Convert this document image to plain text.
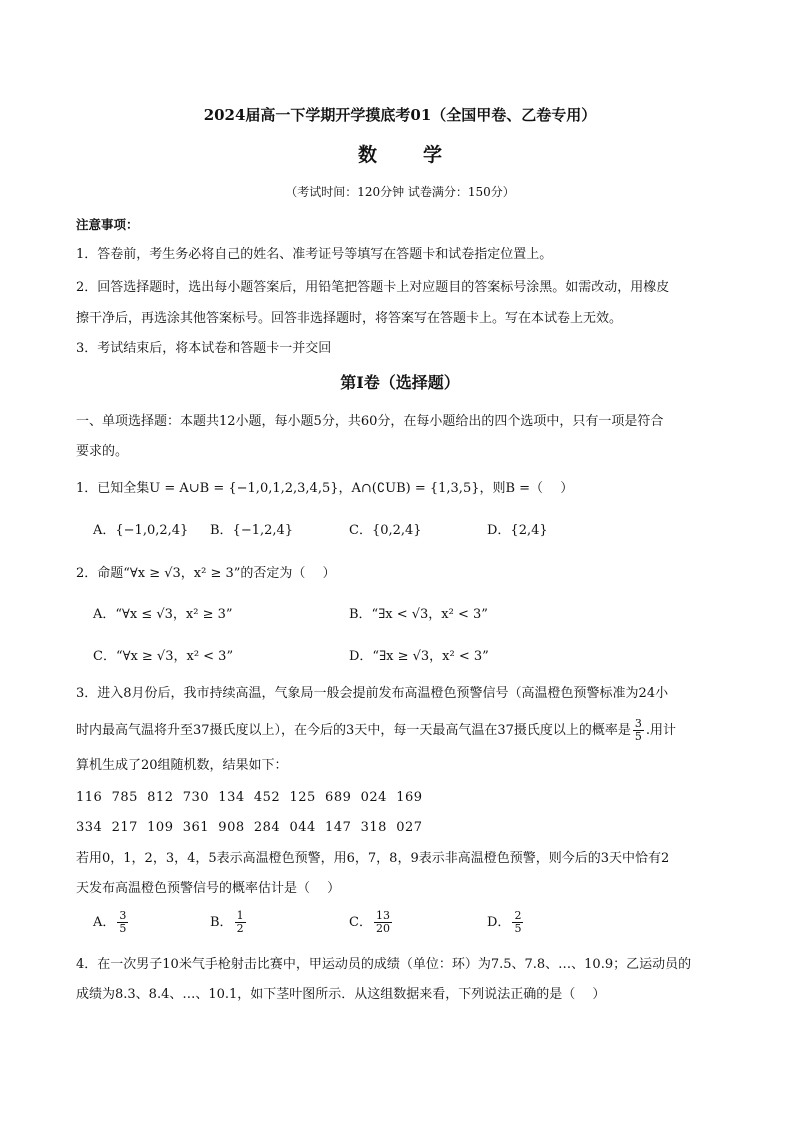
2024届高一下学期开学摸底考01（全国甲卷、乙卷专用）
数学
（考试时间：120分钟 试卷满分：150分）
注意事项：
1．答卷前，考生务必将自己的姓名、准考证号等填写在答题卡和试卷指定位置上。
2．回答选择题时，选出每小题答案后，用铅笔把答题卡上对应题目的答案标号涂黑。如需改动，用橡皮
擦干净后，再选涂其他答案标号。回答非选择题时，将答案写在答题卡上。写在本试卷上无效。
3．考试结束后，将本试卷和答题卡一并交回
第Ⅰ卷（选择题）
一、单项选择题：本题共12小题，每小题5分，共60分，在每小题给出的四个选项中，只有一项是符合
要求的。
1．已知全集U = A∪B = {−1,0,1,2,3,4,5}，A∩(∁UB) = {1,3,5}，则B =（　 ）
A．{−1,0,2,4} B．{−1,2,4}	C．{0,2,4}	D．{2,4}
2．命题“∀x ≥ √3，x² ≥ 3”的否定为（　 ）
A．“∀x ≤ √3，x² ≥ 3”	B．“∃x < √3，x² < 3”
C．“∀x ≥ √3，x² < 3”	D．“∃x ≥ √3，x² < 3”
3．进入8月份后，我市持续高温，气象局一般会提前发布高温橙色预警信号（高温橙色预警标准为24小
时内最高气温将升至37摄氏度以上），在今后的3天中，每一天最高气温在37摄氏度以上的概率是 $\frac{3}{5}$ .用计
算机生成了20组随机数，结果如下：
116  785  812  730  134  452  125  689  024  169
334  217  109  361  908  284  044  147  318  027
若用0，1，2，3，4，5表示高温橙色预警，用6，7，8，9表示非高温橙色预警，则今后的3天中恰有2
天发布高温橙色预警信号的概率估计是（　 ）
A． $\frac{3}{5}$	B． $\frac{1}{2}$	C． $\frac{13}{20}$	D． $\frac{2}{5}$
4．在一次男子10米气手枪射击比赛中，甲运动员的成绩（单位：环）为7.5、7.8、…、10.9；乙运动员的
成绩为8.3、8.4、…、10.1，如下茎叶图所示．从这组数据来看，下列说法正确的是（　 ）
